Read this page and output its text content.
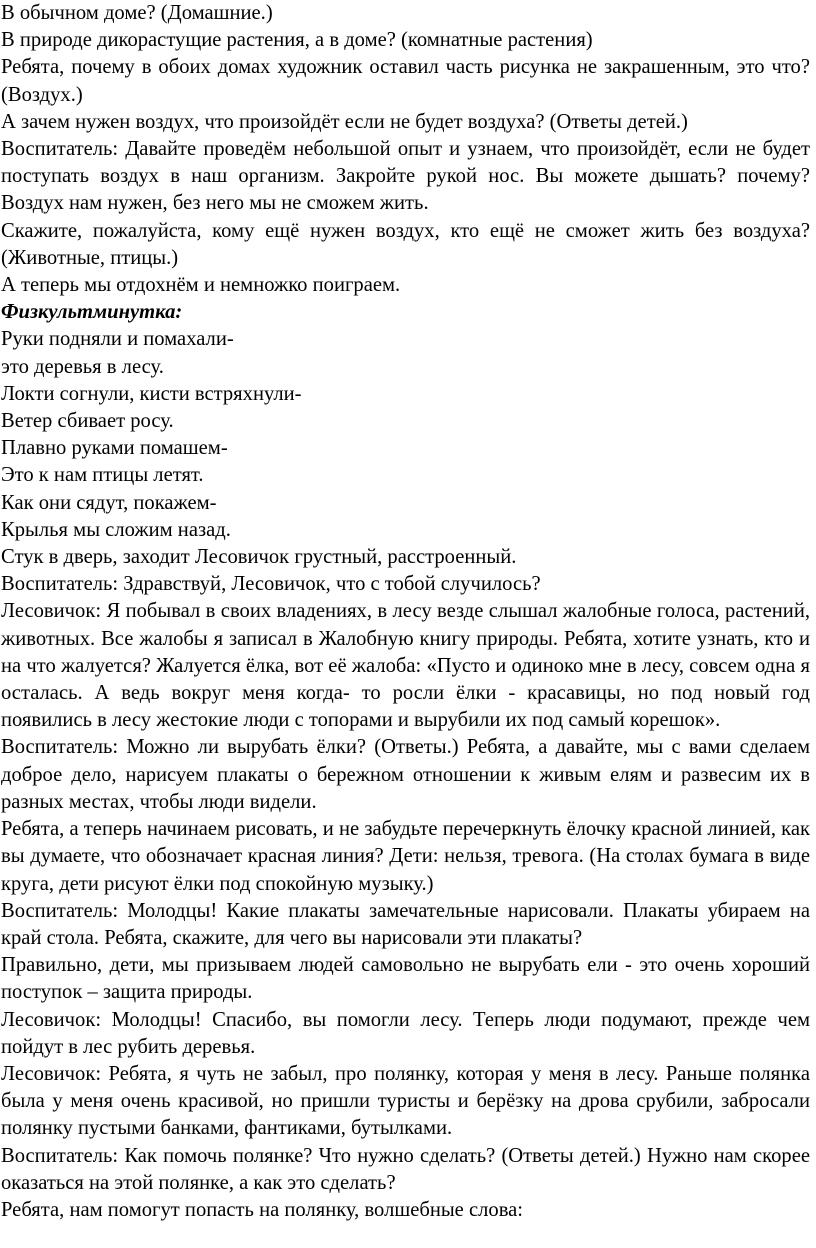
В обычном доме? (Домашние.)

В природе дикорастущие растения, а в доме? (комнатные растения)

Ребята, почему в обоих домах художник оставил часть рисунка не закрашенным, это что? (Воздух.)

А зачем нужен воздух, что произойдёт если не будет воздуха? (Ответы детей.)

Воспитатель: Давайте проведём небольшой опыт и узнаем, что произойдёт, если не будет поступать воздух в наш организм. Закройте рукой нос. Вы можете дышать? почему? Воздух нам нужен, без него мы не сможем жить.

Скажите, пожалуйста, кому ещё нужен воздух, кто ещё не сможет жить без воздуха? (Животные, птицы.)

А теперь мы отдохнём и немножко поиграем.

Физкультминутка:

Руки подняли и помахали-

это деревья в лесу.

Локти согнули, кисти встряхнули-

Ветер сбивает росу.

Плавно руками помашем-

Это к нам птицы летят.

Как они сядут, покажем-

Крылья мы сложим назад.

Стук в дверь, заходит Лесовичок грустный, расстроенный.

Воспитатель: Здравствуй, Лесовичок, что с тобой случилось?

Лесовичок: Я побывал в своих владениях, в лесу везде слышал жалобные голоса, растений, животных. Все жалобы я записал в Жалобную книгу природы. Ребята, хотите узнать, кто и на что жалуется? Жалуется ёлка, вот её жалоба: «Пусто и одиноко мне в лесу, совсем одна я осталась. А ведь вокруг меня когда- то росли ёлки - красавицы, но под новый год появились в лесу жестокие люди с топорами и вырубили их под самый корешок».

Воспитатель: Можно ли вырубать ёлки? (Ответы.) Ребята, а давайте, мы с вами сделаем доброе дело, нарисуем плакаты о бережном отношении к живым елям и развесим их в разных местах, чтобы люди видели.

Ребята, а теперь начинаем рисовать, и не забудьте перечеркнуть ёлочку красной линией, как вы думаете, что обозначает красная линия? Дети: нельзя, тревога. (На столах бумага в виде круга, дети рисуют ёлки под спокойную музыку.)

Воспитатель: Молодцы! Какие плакаты замечательные нарисовали. Плакаты убираем на край стола. Ребята, скажите, для чего вы нарисовали эти плакаты?

Правильно, дети, мы призываем людей самовольно не вырубать ели - это очень хороший поступок – защита природы.

Лесовичок: Молодцы! Спасибо, вы помогли лесу. Теперь люди подумают, прежде чем пойдут в лес рубить деревья.

Лесовичок: Ребята, я чуть не забыл, про полянку, которая у меня в лесу. Раньше полянка была у меня очень красивой, но пришли туристы и берёзку на дрова срубили, забросали полянку пустыми банками, фантиками, бутылками.

Воспитатель: Как помочь полянке? Что нужно сделать? (Ответы детей.) Нужно нам скорее оказаться на этой полянке, а как это сделать?

Ребята, нам помогут попасть на полянку, волшебные слова:
